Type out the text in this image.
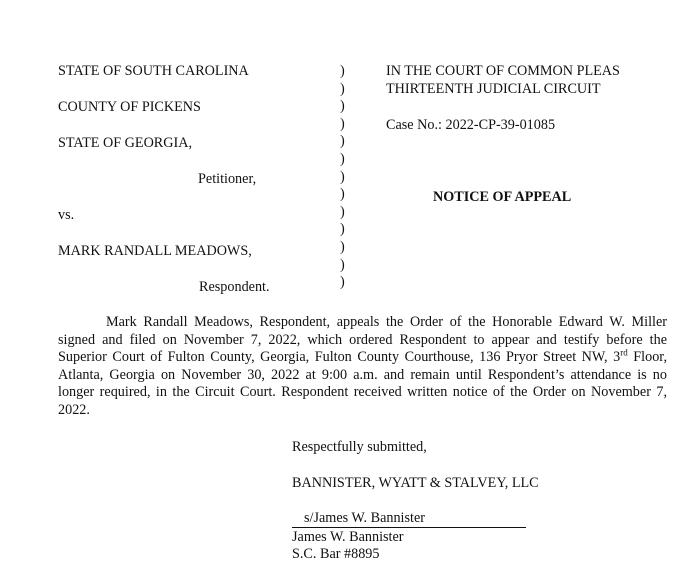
STATE OF SOUTH CAROLINA
COUNTY OF PICKENS
STATE OF GEORGIA,
Petitioner,
vs.
MARK RANDALL MEADOWS,
Respondent.
)
)
)
)
)
)
)
)
)
)
)
)
)
IN THE COURT OF COMMON PLEAS
THIRTEENTH JUDICIAL CIRCUIT
Case No.: 2022-CP-39-01085
NOTICE OF APPEAL
Mark Randall Meadows, Respondent, appeals the Order of the Honorable Edward W. Miller signed and filed on November 7, 2022, which ordered Respondent to appear and testify before the Superior Court of Fulton County, Georgia, Fulton County Courthouse, 136 Pryor Street NW, 3rd Floor, Atlanta, Georgia on November 30, 2022 at 9:00 a.m. and remain until Respondent’s attendance is no longer required, in the Circuit Court. Respondent received written notice of the Order on November 7, 2022.
Respectfully submitted,
BANNISTER, WYATT & STALVEY, LLC
s/James W. Bannister
James W. Bannister
S.C. Bar #8895
